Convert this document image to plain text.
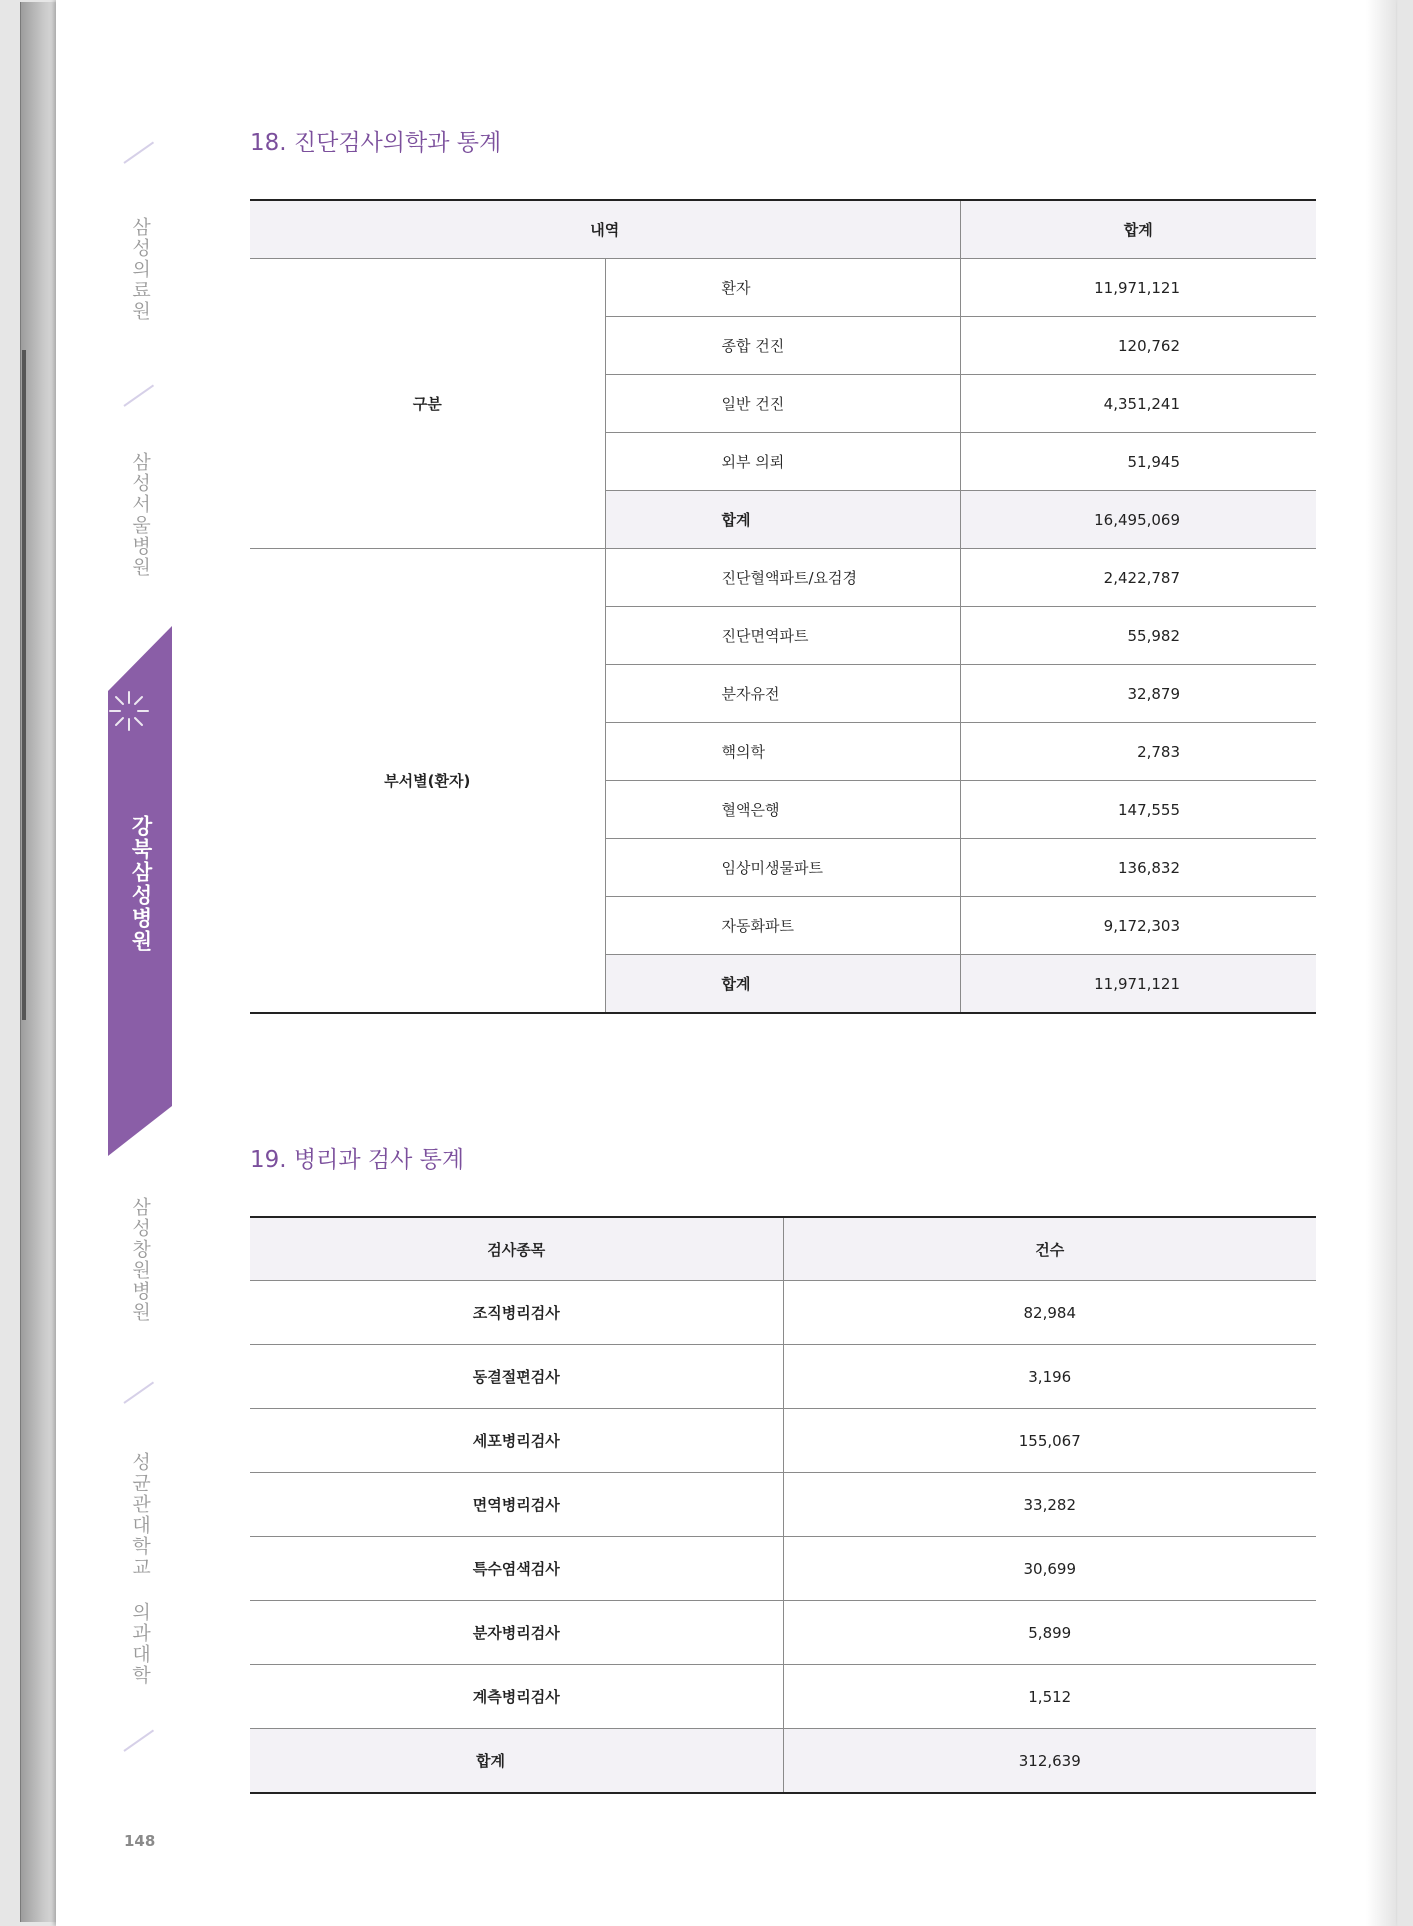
삼성의료원
삼성서울병원
강북삼성병원
삼성창원병원
성균관대학교 의과대학
148
18. 진단검사의학과 통계
내역		합계
구분	환자	11,971,121
	종합 건진	120,762
	일반 건진	4,351,241
	외부 의뢰	51,945
	합계	16,495,069
부서별(환자)	진단혈액파트/요검경	2,422,787
	진단면역파트	55,982
	분자유전	32,879
	핵의학	2,783
	혈액은행	147,555
	임상미생물파트	136,832
	자동화파트	9,172,303
	합계	11,971,121
19. 병리과 검사 통계
검사종목	건수
조직병리검사	82,984
동결절편검사	3,196
세포병리검사	155,067
면역병리검사	33,282
특수염색검사	30,699
분자병리검사	5,899
계측병리검사	1,512
합계	312,639
